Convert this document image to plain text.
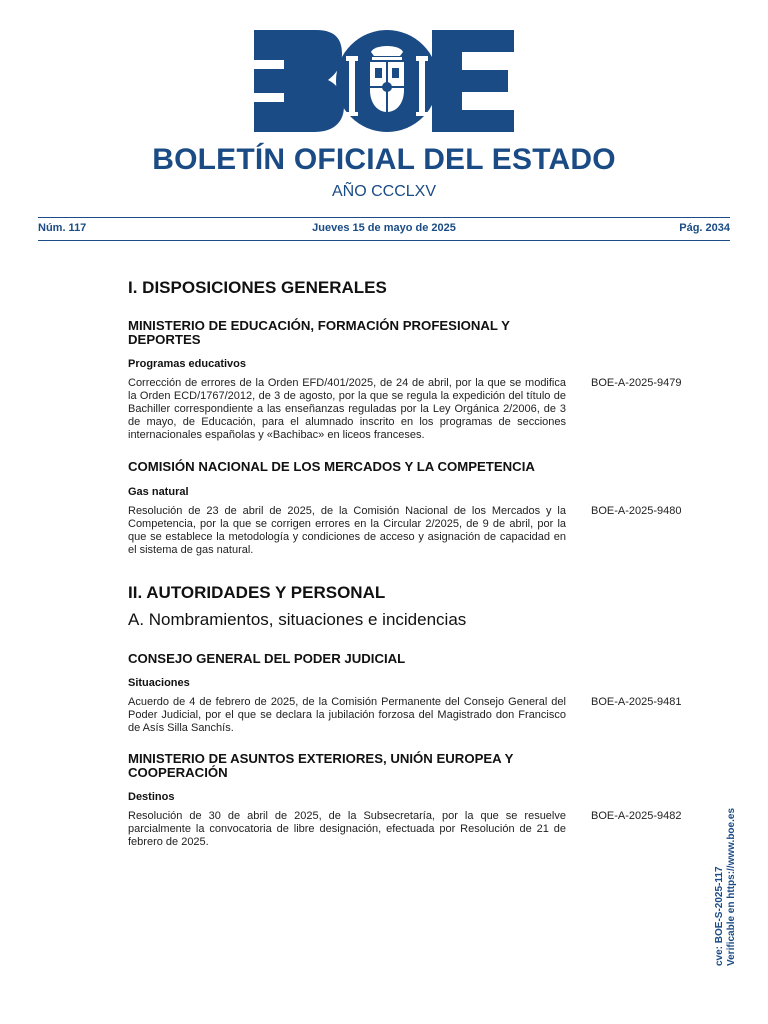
BOLETÍN OFICIAL DEL ESTADO
AÑO CCCLXV
Núm. 117	Jueves 15 de mayo de 2025	Pág. 2034
I. DISPOSICIONES GENERALES
MINISTERIO DE EDUCACIÓN, FORMACIÓN PROFESIONAL Y DEPORTES
Programas educativos
Corrección de errores de la Orden EFD/401/2025, de 24 de abril, por la que se modifica la Orden ECD/1767/2012, de 3 de agosto, por la que se regula la expedición del título de Bachiller correspondiente a las enseñanzas reguladas por la Ley Orgánica 2/2006, de 3 de mayo, de Educación, para el alumnado inscrito en los programas de secciones internacionales españolas y «Bachibac» en liceos franceses.
BOE-A-2025-9479
COMISIÓN NACIONAL DE LOS MERCADOS Y LA COMPETENCIA
Gas natural
Resolución de 23 de abril de 2025, de la Comisión Nacional de los Mercados y la Competencia, por la que se corrigen errores en la Circular 2/2025, de 9 de abril, por la que se establece la metodología y condiciones de acceso y asignación de capacidad en el sistema de gas natural.
BOE-A-2025-9480
II. AUTORIDADES Y PERSONAL
A. Nombramientos, situaciones e incidencias
CONSEJO GENERAL DEL PODER JUDICIAL
Situaciones
Acuerdo de 4 de febrero de 2025, de la Comisión Permanente del Consejo General del Poder Judicial, por el que se declara la jubilación forzosa del Magistrado don Francisco de Asís Silla Sanchís.
BOE-A-2025-9481
MINISTERIO DE ASUNTOS EXTERIORES, UNIÓN EUROPEA Y COOPERACIÓN
Destinos
Resolución de 30 de abril de 2025, de la Subsecretaría, por la que se resuelve parcialmente la convocatoria de libre designación, efectuada por Resolución de 21 de febrero de 2025.
BOE-A-2025-9482
cve: BOE-S-2025-117 Verificable en https://www.boe.es
